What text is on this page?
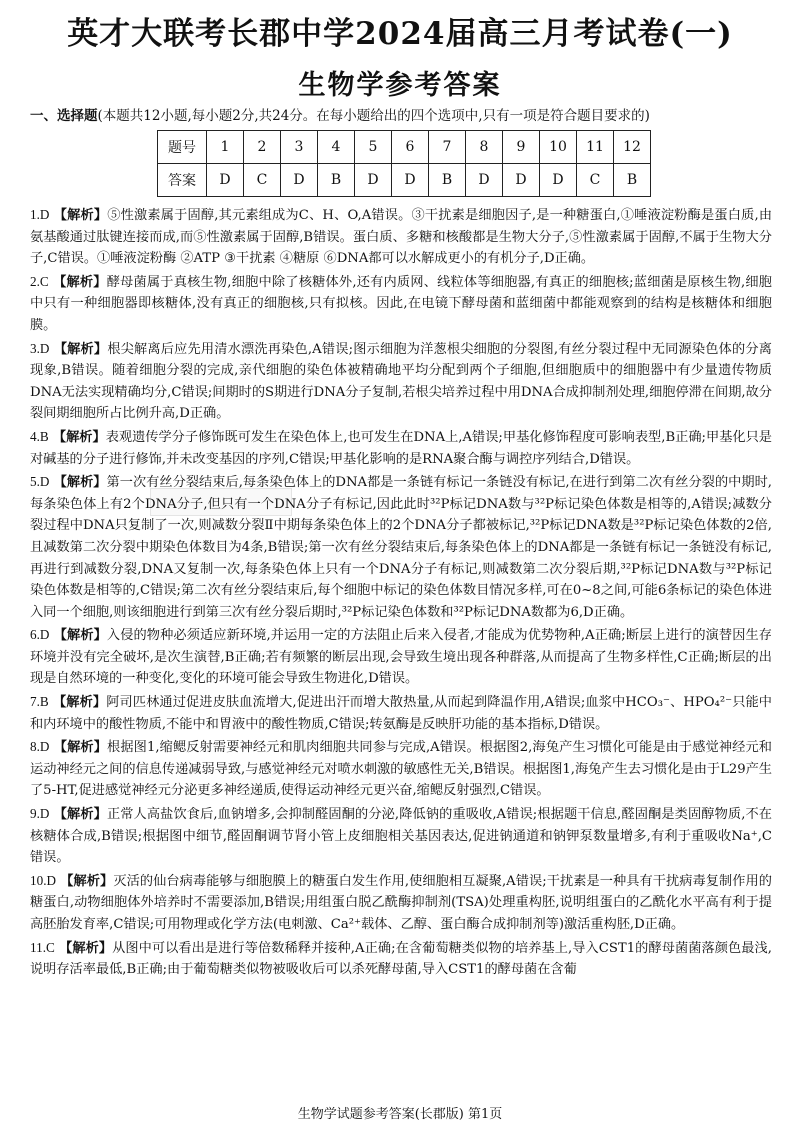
英才大联考长郡中学2024届高三月考试卷(一)
生物学参考答案
一、选择题(本题共12小题,每小题2分,共24分。在每小题给出的四个选项中,只有一项是符合题目要求的)
题号	1	2	3	4	5	6	7	8	9	10	11	12
答案	D	C	D	B	D	D	B	D	D	D	C	B
1.D 【解析】⑤性激素属于固醇,其元素组成为C、H、O,A错误。③干扰素是细胞因子,是一种糖蛋白,①唾液淀粉酶是蛋白质,由氨基酸通过肽键连接而成,而⑤性激素属于固醇,B错误。蛋白质、多糖和核酸都是生物大分子,⑤性激素属于固醇,不属于生物大分子,C错误。①唾液淀粉酶 ②ATP ③干扰素 ④糖原 ⑥DNA都可以水解成更小的有机分子,D正确。
2.C 【解析】酵母菌属于真核生物,细胞中除了核糖体外,还有内质网、线粒体等细胞器,有真正的细胞核;蓝细菌是原核生物,细胞中只有一种细胞器即核糖体,没有真正的细胞核,只有拟核。因此,在电镜下酵母菌和蓝细菌中都能观察到的结构是核糖体和细胞膜。
3.D 【解析】根尖解离后应先用清水漂洗再染色,A错误;图示细胞为洋葱根尖细胞的分裂图,有丝分裂过程中无同源染色体的分离现象,B错误。随着细胞分裂的完成,亲代细胞的染色体被精确地平均分配到两个子细胞,但细胞质中的细胞器中有少量遗传物质DNA无法实现精确均分,C错误;间期时的S期进行DNA分子复制,若根尖培养过程中用DNA合成抑制剂处理,细胞停滞在间期,故分裂间期细胞所占比例升高,D正确。
4.B 【解析】表观遗传学分子修饰既可发生在染色体上,也可发生在DNA上,A错误;甲基化修饰程度可影响表型,B正确;甲基化只是对碱基的分子进行修饰,并未改变基因的序列,C错误;甲基化影响的是RNA聚合酶与调控序列结合,D错误。
5.D 【解析】第一次有丝分裂结束后,每条染色体上的DNA都是一条链有标记一条链没有标记,在进行到第二次有丝分裂的中期时,每条染色体上有2个DNA分子,但只有一个DNA分子有标记,因此此时³²P标记DNA数与³²P标记染色体数是相等的,A错误;减数分裂过程中DNA只复制了一次,则减数分裂Ⅱ中期每条染色体上的2个DNA分子都被标记,³²P标记DNA数是³²P标记染色体数的2倍,且减数第二次分裂中期染色体数目为4条,B错误;第一次有丝分裂结束后,每条染色体上的DNA都是一条链有标记一条链没有标记,再进行到减数分裂,DNA又复制一次,每条染色体上只有一个DNA分子有标记,则减数第二次分裂后期,³²P标记DNA数与³²P标记染色体数是相等的,C错误;第二次有丝分裂结束后,每个细胞中标记的染色体数目情况多样,可在0~8之间,可能6条标记的染色体进入同一个细胞,则该细胞进行到第三次有丝分裂后期时,³²P标记染色体数和³²P标记DNA数都为6,D正确。
6.D 【解析】入侵的物种必须适应新环境,并运用一定的方法阻止后来入侵者,才能成为优势物种,A正确;断层上进行的演替因生存环境并没有完全破坏,是次生演替,B正确;若有频繁的断层出现,会导致生境出现各种群落,从而提高了生物多样性,C正确;断层的出现是自然环境的一种变化,变化的环境可能会导致生物进化,D错误。
7.B 【解析】阿司匹林通过促进皮肤血流增大,促进出汗而增大散热量,从而起到降温作用,A错误;血浆中HCO₃⁻、HPO₄²⁻只能中和内环境中的酸性物质,不能中和胃液中的酸性物质,C错误;转氨酶是反映肝功能的基本指标,D错误。
8.D 【解析】根据图1,缩鳃反射需要神经元和肌肉细胞共同参与完成,A错误。根据图2,海兔产生习惯化可能是由于感觉神经元和运动神经元之间的信息传递减弱导致,与感觉神经元对喷水刺激的敏感性无关,B错误。根据图1,海兔产生去习惯化是由于L29产生了5-HT,促进感觉神经元分泌更多神经递质,使得运动神经元更兴奋,缩鳃反射强烈,C错误。
9.D 【解析】正常人高盐饮食后,血钠增多,会抑制醛固酮的分泌,降低钠的重吸收,A错误;根据题干信息,醛固酮是类固醇物质,不在核糖体合成,B错误;根据图中细节,醛固酮调节肾小管上皮细胞相关基因表达,促进钠通道和钠钾泵数量增多,有利于重吸收Na⁺,C错误。
10.D 【解析】灭活的仙台病毒能够与细胞膜上的糖蛋白发生作用,使细胞相互凝聚,A错误;干扰素是一种具有干扰病毒复制作用的糖蛋白,动物细胞体外培养时不需要添加,B错误;用组蛋白脱乙酰酶抑制剂(TSA)处理重构胚,说明组蛋白的乙酰化水平高有利于提高胚胎发育率,C错误;可用物理或化学方法(电刺激、Ca²⁺载体、乙醇、蛋白酶合成抑制剂等)激活重构胚,D正确。
11.C 【解析】从图中可以看出是进行等倍数稀释并接种,A正确;在含葡萄糖类似物的培养基上,导入CST1的酵母菌菌落颜色最浅,说明存活率最低,B正确;由于葡萄糖类似物被吸收后可以杀死酵母菌,导入CST1的酵母菌在含葡
生物学试题参考答案(长郡版) 第1页
